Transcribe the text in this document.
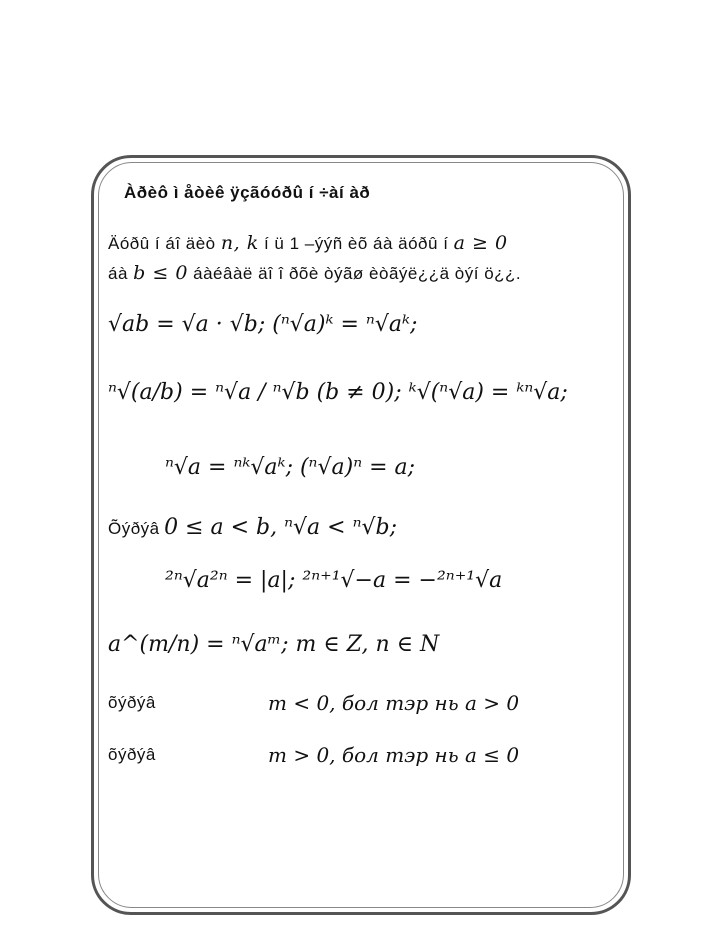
Àðèô ì åòèê ÿçãóóðû í ÷àí àð
Äóðû í áî äèò n, k í ü 1 –ýýñ èõ áà äóðû í a ≥ 0
áà b ≤ 0 áàéâàë äî î ðõè òýãø èòãýë¿¿ä òýí ö¿¿.
√ab = √a · √b; (ⁿ√a)ᵏ = ⁿ√aᵏ;
ⁿ√(a/b) = ⁿ√a / ⁿ√b (b ≠ 0); ᵏ√(ⁿ√a) = ᵏⁿ√a;
ⁿ√a = ⁿᵏ√aᵏ; (ⁿ√a)ⁿ = a;
Õýðýâ 0 ≤ a < b, ⁿ√a < ⁿ√b;
²ⁿ√a²ⁿ = |a|; ²ⁿ⁺¹√−a = −²ⁿ⁺¹√a
a^(m/n) = ⁿ√aᵐ; m ∈ Z, n ∈ N
õýðýâ	m < 0, бол тэр нь a > 0
õýðýâ	m > 0, бол тэр нь a ≤ 0
